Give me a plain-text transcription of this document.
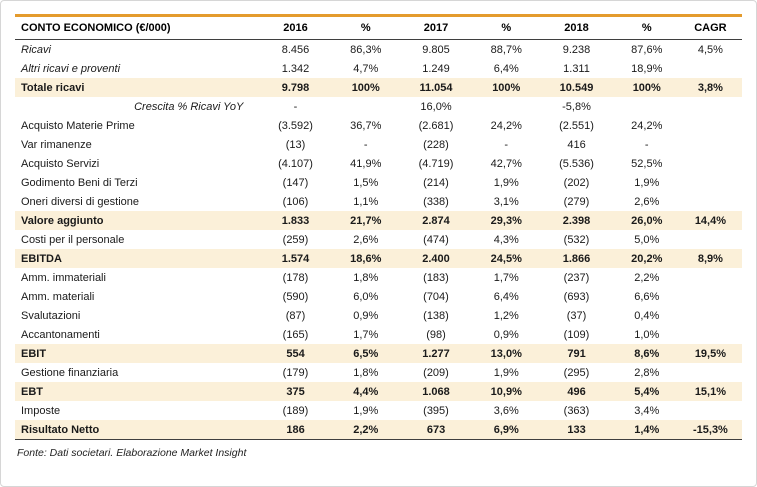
CONTO ECONOMICO (€/000)	2016	%	2017	%	2018	%	CAGR
Ricavi	8.456	86,3%	9.805	88,7%	9.238	87,6%	4,5%
Altri ricavi e proventi	1.342	4,7%	1.249	6,4%	1.311	18,9%	
Totale ricavi	9.798	100%	11.054	100%	10.549	100%	3,8%
Crescita % Ricavi YoY	-		16,0%		-5,8%		
Acquisto Materie Prime	(3.592)	36,7%	(2.681)	24,2%	(2.551)	24,2%	
Var rimanenze	(13)	-	(228)	-	416	-	
Acquisto Servizi	(4.107)	41,9%	(4.719)	42,7%	(5.536)	52,5%	
Godimento Beni di Terzi	(147)	1,5%	(214)	1,9%	(202)	1,9%	
Oneri diversi di gestione	(106)	1,1%	(338)	3,1%	(279)	2,6%	
Valore aggiunto	1.833	21,7%	2.874	29,3%	2.398	26,0%	14,4%
Costi per il personale	(259)	2,6%	(474)	4,3%	(532)	5,0%	
EBITDA	1.574	18,6%	2.400	24,5%	1.866	20,2%	8,9%
Amm. immateriali	(178)	1,8%	(183)	1,7%	(237)	2,2%	
Amm. materiali	(590)	6,0%	(704)	6,4%	(693)	6,6%	
Svalutazioni	(87)	0,9%	(138)	1,2%	(37)	0,4%	
Accantonamenti	(165)	1,7%	(98)	0,9%	(109)	1,0%	
EBIT	554	6,5%	1.277	13,0%	791	8,6%	19,5%
Gestione finanziaria	(179)	1,8%	(209)	1,9%	(295)	2,8%	
EBT	375	4,4%	1.068	10,9%	496	5,4%	15,1%
Imposte	(189)	1,9%	(395)	3,6%	(363)	3,4%	
Risultato Netto	186	2,2%	673	6,9%	133	1,4%	-15,3%
Fonte: Dati societari. Elaborazione Market Insight
